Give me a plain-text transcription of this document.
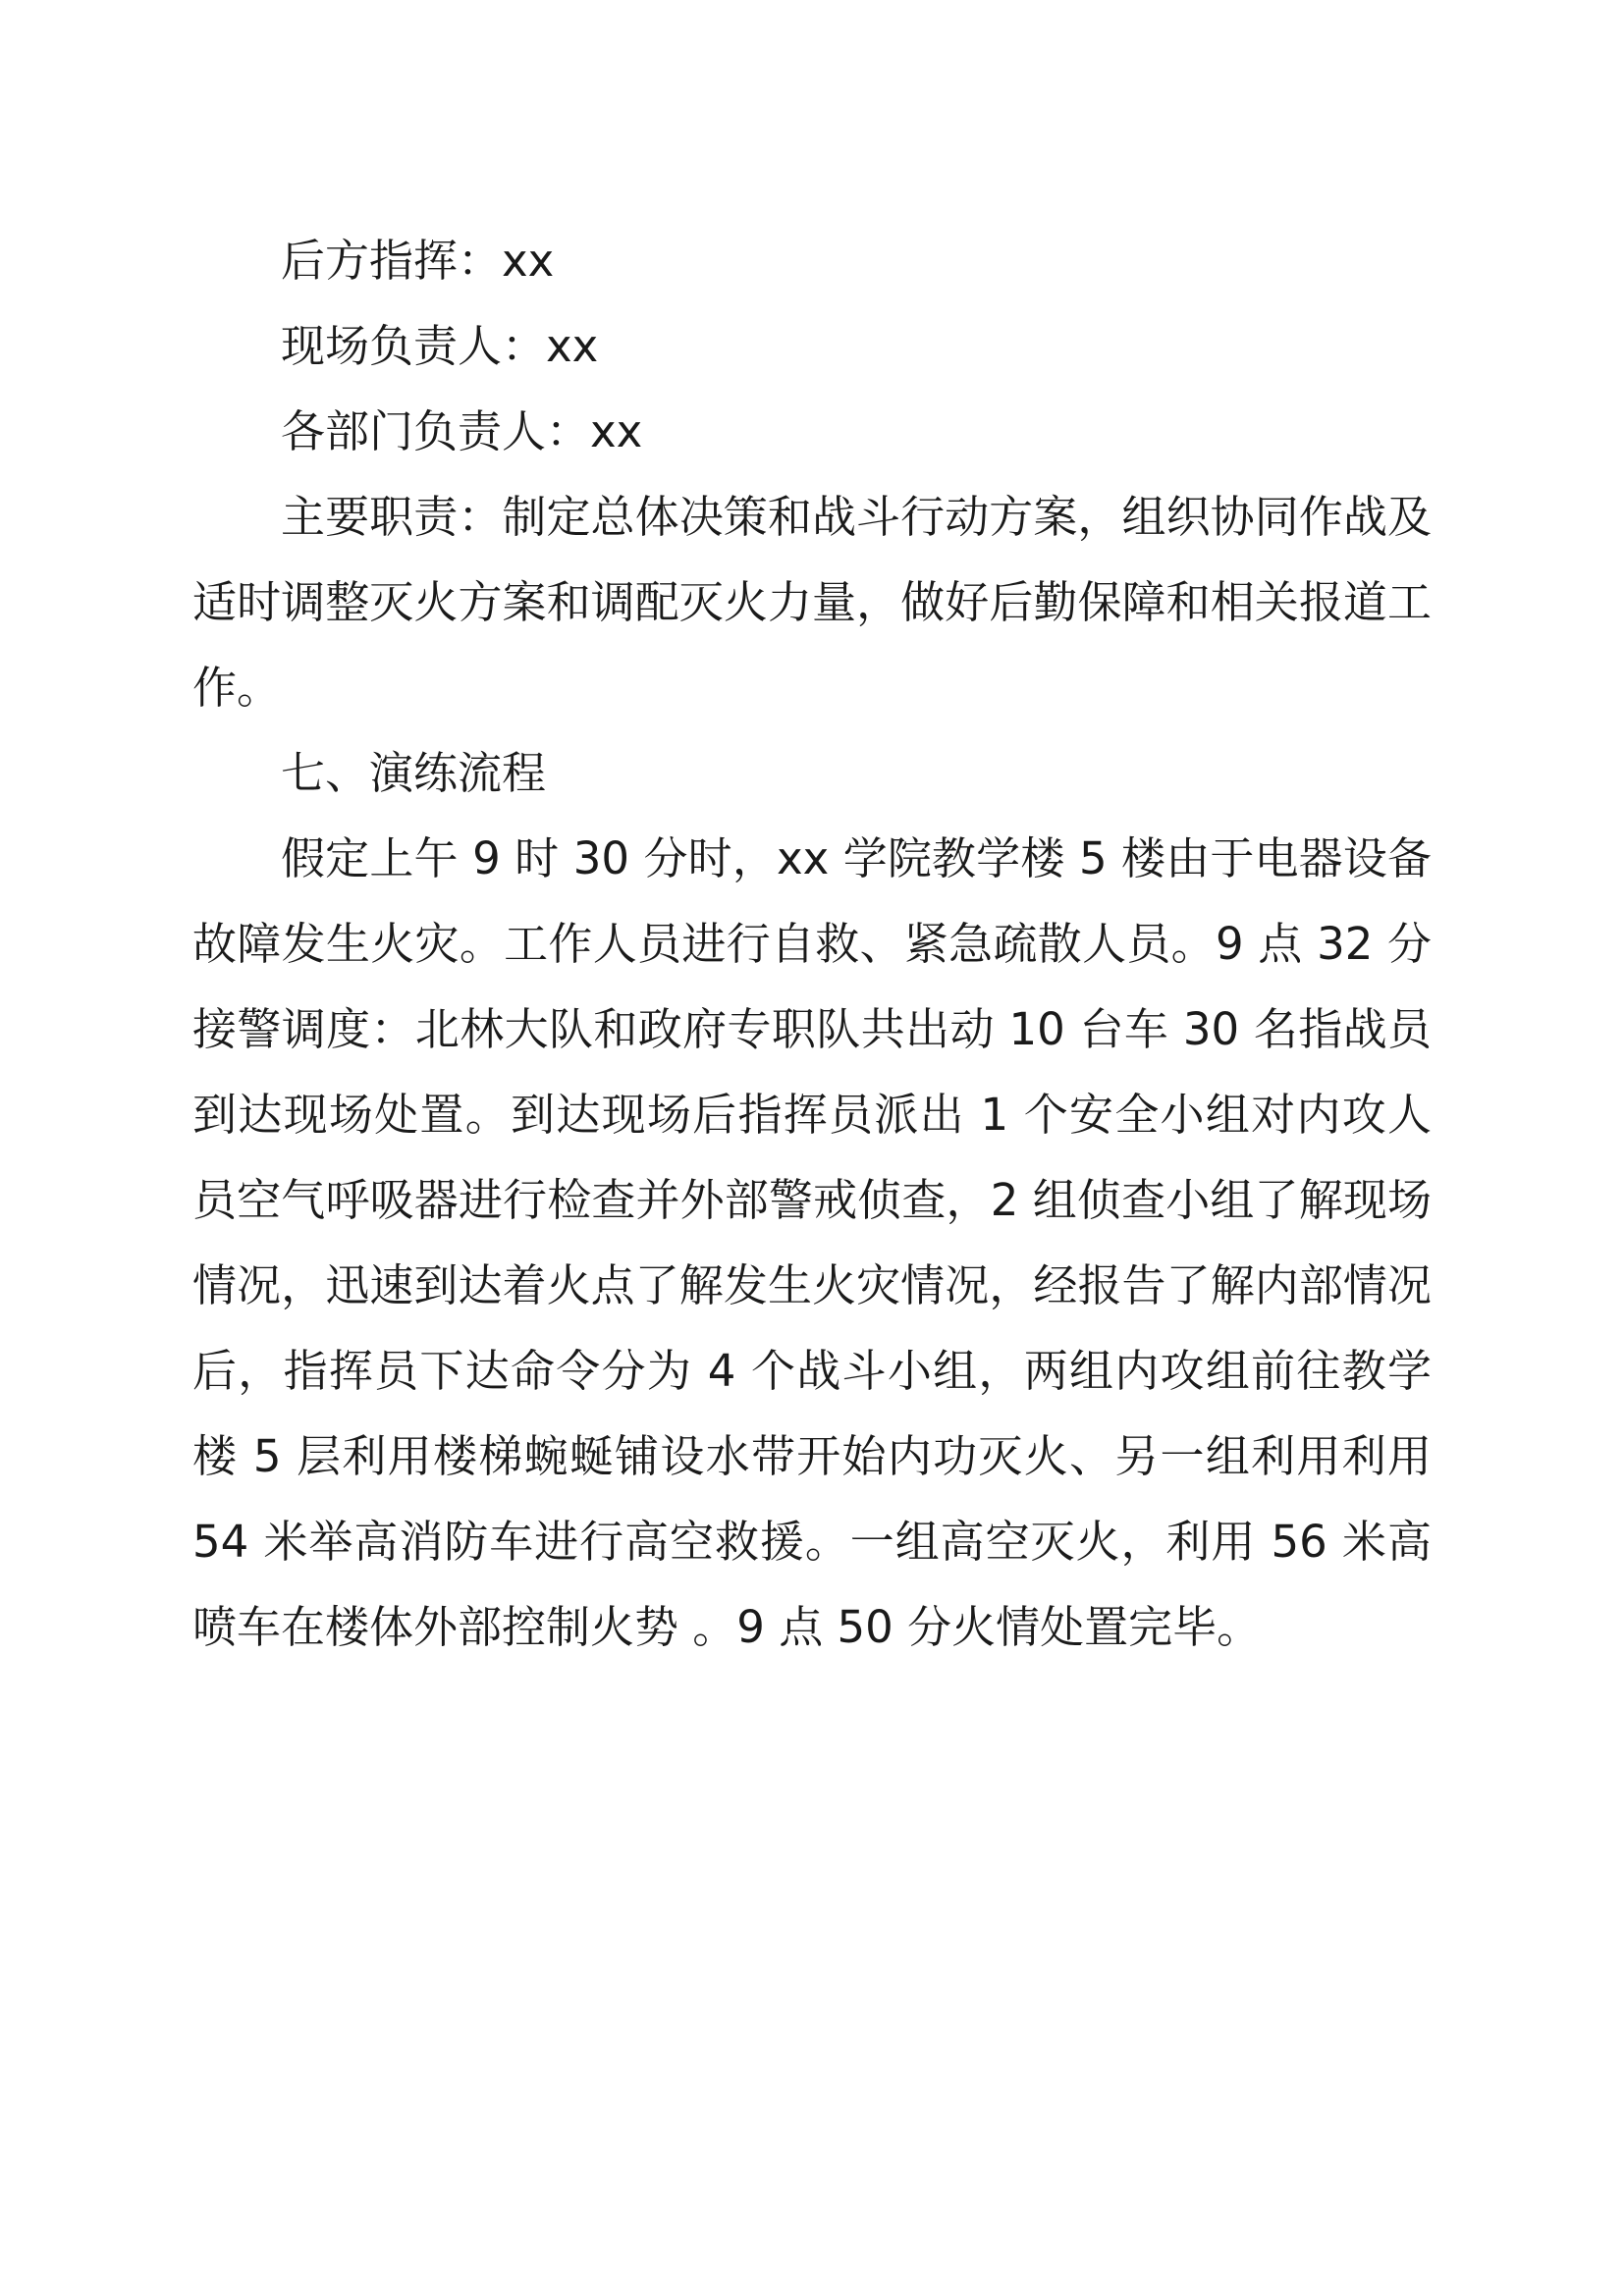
后方指挥：xx

现场负责人：xx

各部门负责人：xx

主要职责：制定总体决策和战斗行动方案，组织协同作战及适时调整灭火方案和调配灭火力量，做好后勤保障和相关报道工作。

七、演练流程

假定上午 9 时 30 分时，xx 学院教学楼 5 楼由于电器设备故障发生火灾。工作人员进行自救、紧急疏散人员。9 点 32 分接警调度：北林大队和政府专职队共出动 10 台车 30 名指战员到达现场处置。到达现场后指挥员派出 1 个安全小组对内攻人员空气呼吸器进行检查并外部警戒侦查，2 组侦查小组了解现场情况，迅速到达着火点了解发生火灾情况，经报告了解内部情况后，指挥员下达命令分为 4 个战斗小组，两组内攻组前往教学楼 5 层利用楼梯蜿蜒铺设水带开始内功灭火、另一组利用利用 54 米举高消防车进行高空救援。一组高空灭火，利用 56 米高喷车在楼体外部控制火势 。9 点 50 分火情处置完毕。
